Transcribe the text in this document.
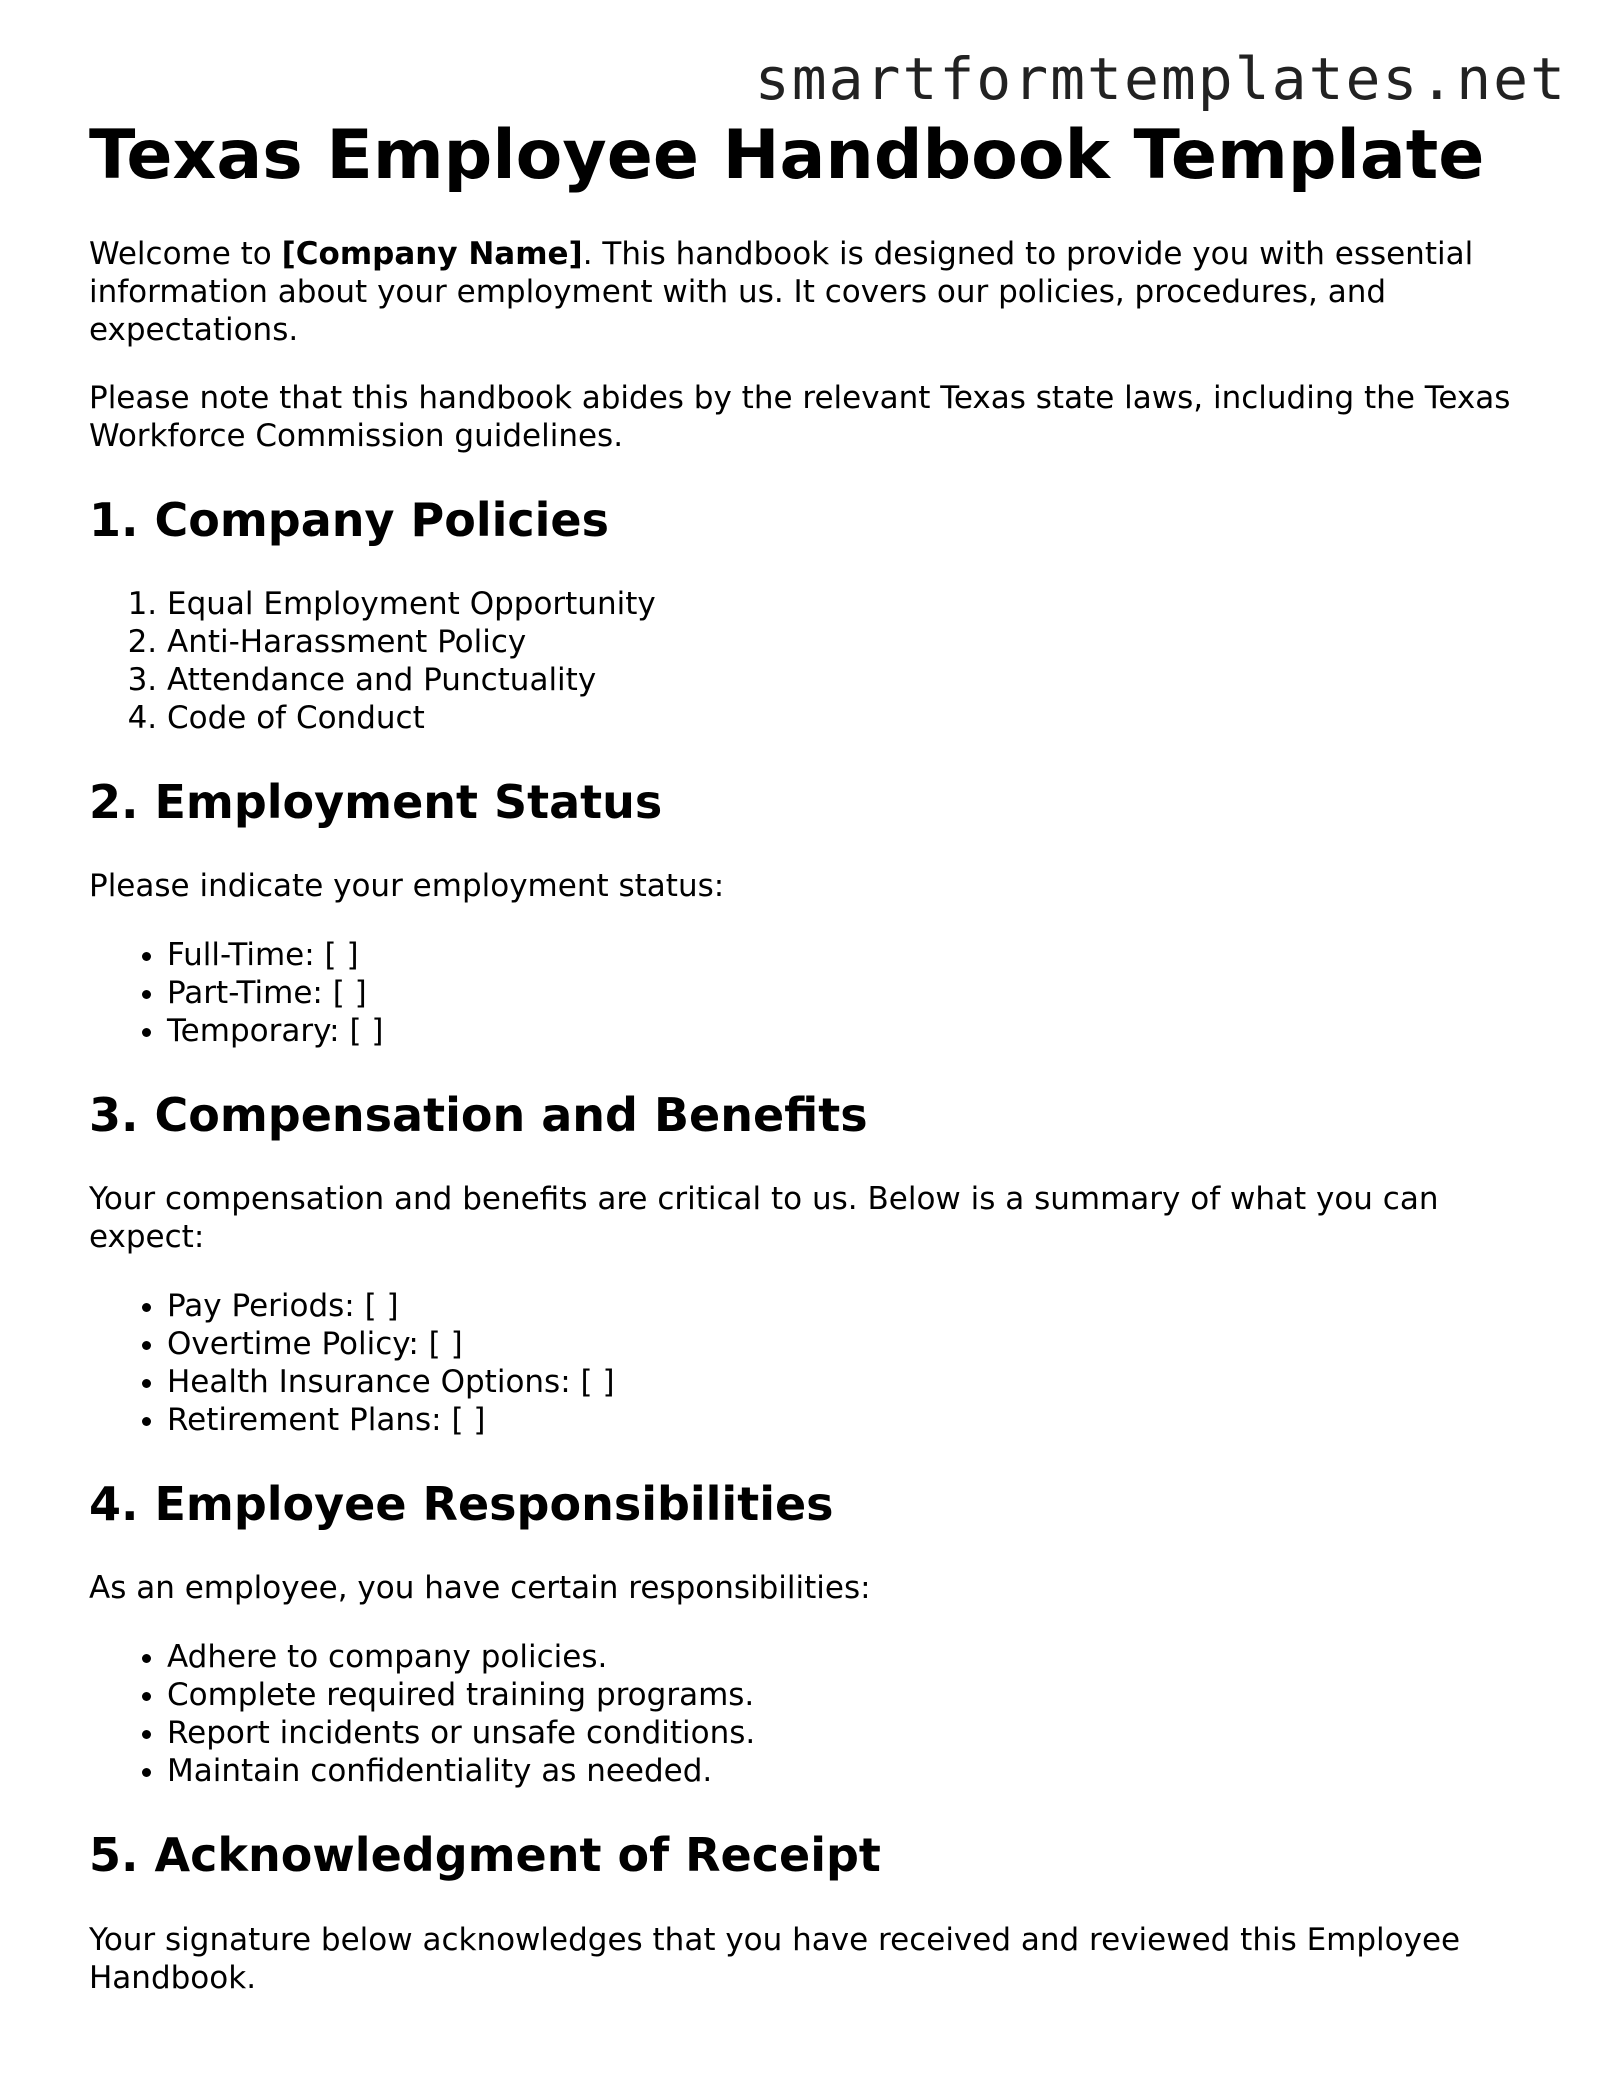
smartformtemplates.net
Texas Employee Handbook Template

Welcome to [Company Name]. This handbook is designed to provide you with essential information about your employment with us. It covers our policies, procedures, and expectations.

Please note that this handbook abides by the relevant Texas state laws, including the Texas Workforce Commission guidelines.

1. Company Policies
1. Equal Employment Opportunity
2. Anti-Harassment Policy
3. Attendance and Punctuality
4. Code of Conduct
2. Employment Status

Please indicate your employment status:

• Full-Time: [ ]
• Part-Time: [ ]
• Temporary: [ ]
3. Compensation and Benefits

Your compensation and benefits are critical to us. Below is a summary of what you can expect:

• Pay Periods: [ ]
• Overtime Policy: [ ]
• Health Insurance Options: [ ]
• Retirement Plans: [ ]
4. Employee Responsibilities

As an employee, you have certain responsibilities:

• Adhere to company policies.
• Complete required training programs.
• Report incidents or unsafe conditions.
• Maintain confidentiality as needed.
5. Acknowledgment of Receipt

Your signature below acknowledges that you have received and reviewed this Employee Handbook.
